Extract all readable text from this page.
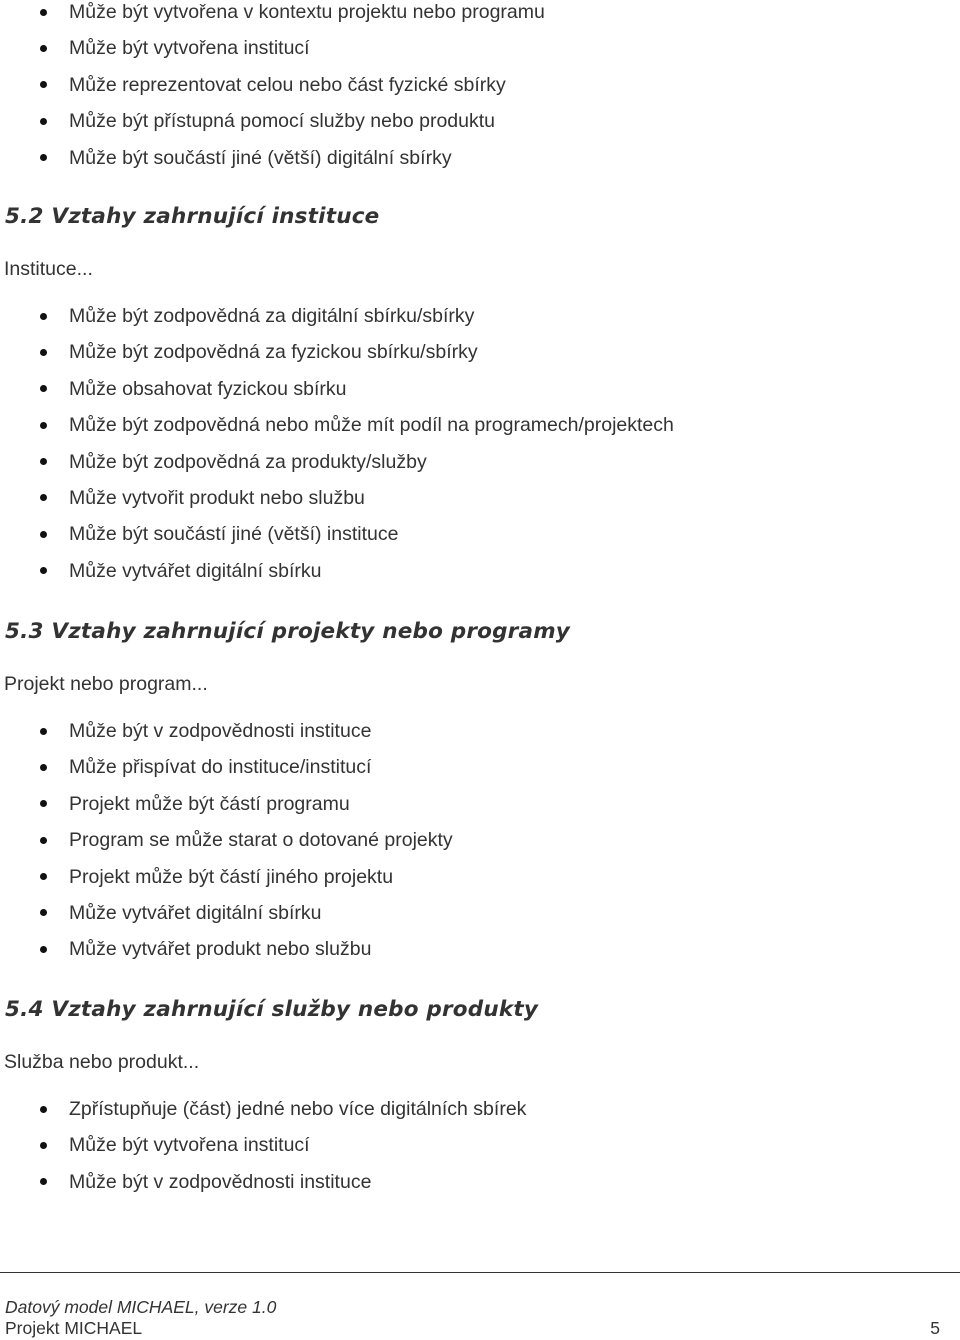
Může být vytvořena v kontextu projektu nebo programu
Může být vytvořena institucí
Může reprezentovat celou nebo část fyzické sbírky
Může být přístupná pomocí služby nebo produktu
Může být součástí jiné (větší) digitální sbírky
5.2 Vztahy zahrnující instituce

Instituce...

Může být zodpovědná za digitální sbírku/sbírky
Může být zodpovědná za fyzickou sbírku/sbírky
Může obsahovat fyzickou sbírku
Může být zodpovědná nebo může mít podíl na programech/projektech
Může být zodpovědná za produkty/služby
Může vytvořit produkt nebo službu
Může být součástí jiné (větší) instituce
Může vytvářet digitální sbírku
5.3 Vztahy zahrnující projekty nebo programy

Projekt nebo program...

Může být v zodpovědnosti instituce
Může přispívat do instituce/institucí
Projekt může být částí programu
Program se může starat o dotované projekty
Projekt může být částí jiného projektu
Může vytvářet digitální sbírku
Může vytvářet produkt nebo službu
5.4 Vztahy zahrnující služby nebo produkty

Služba nebo produkt...

Zpřístupňuje (část) jedné nebo více digitálních sbírek
Může být vytvořena institucí
Může být v zodpovědnosti instituce
Datový model MICHAEL, verze 1.0
Projekt MICHAEL	5
